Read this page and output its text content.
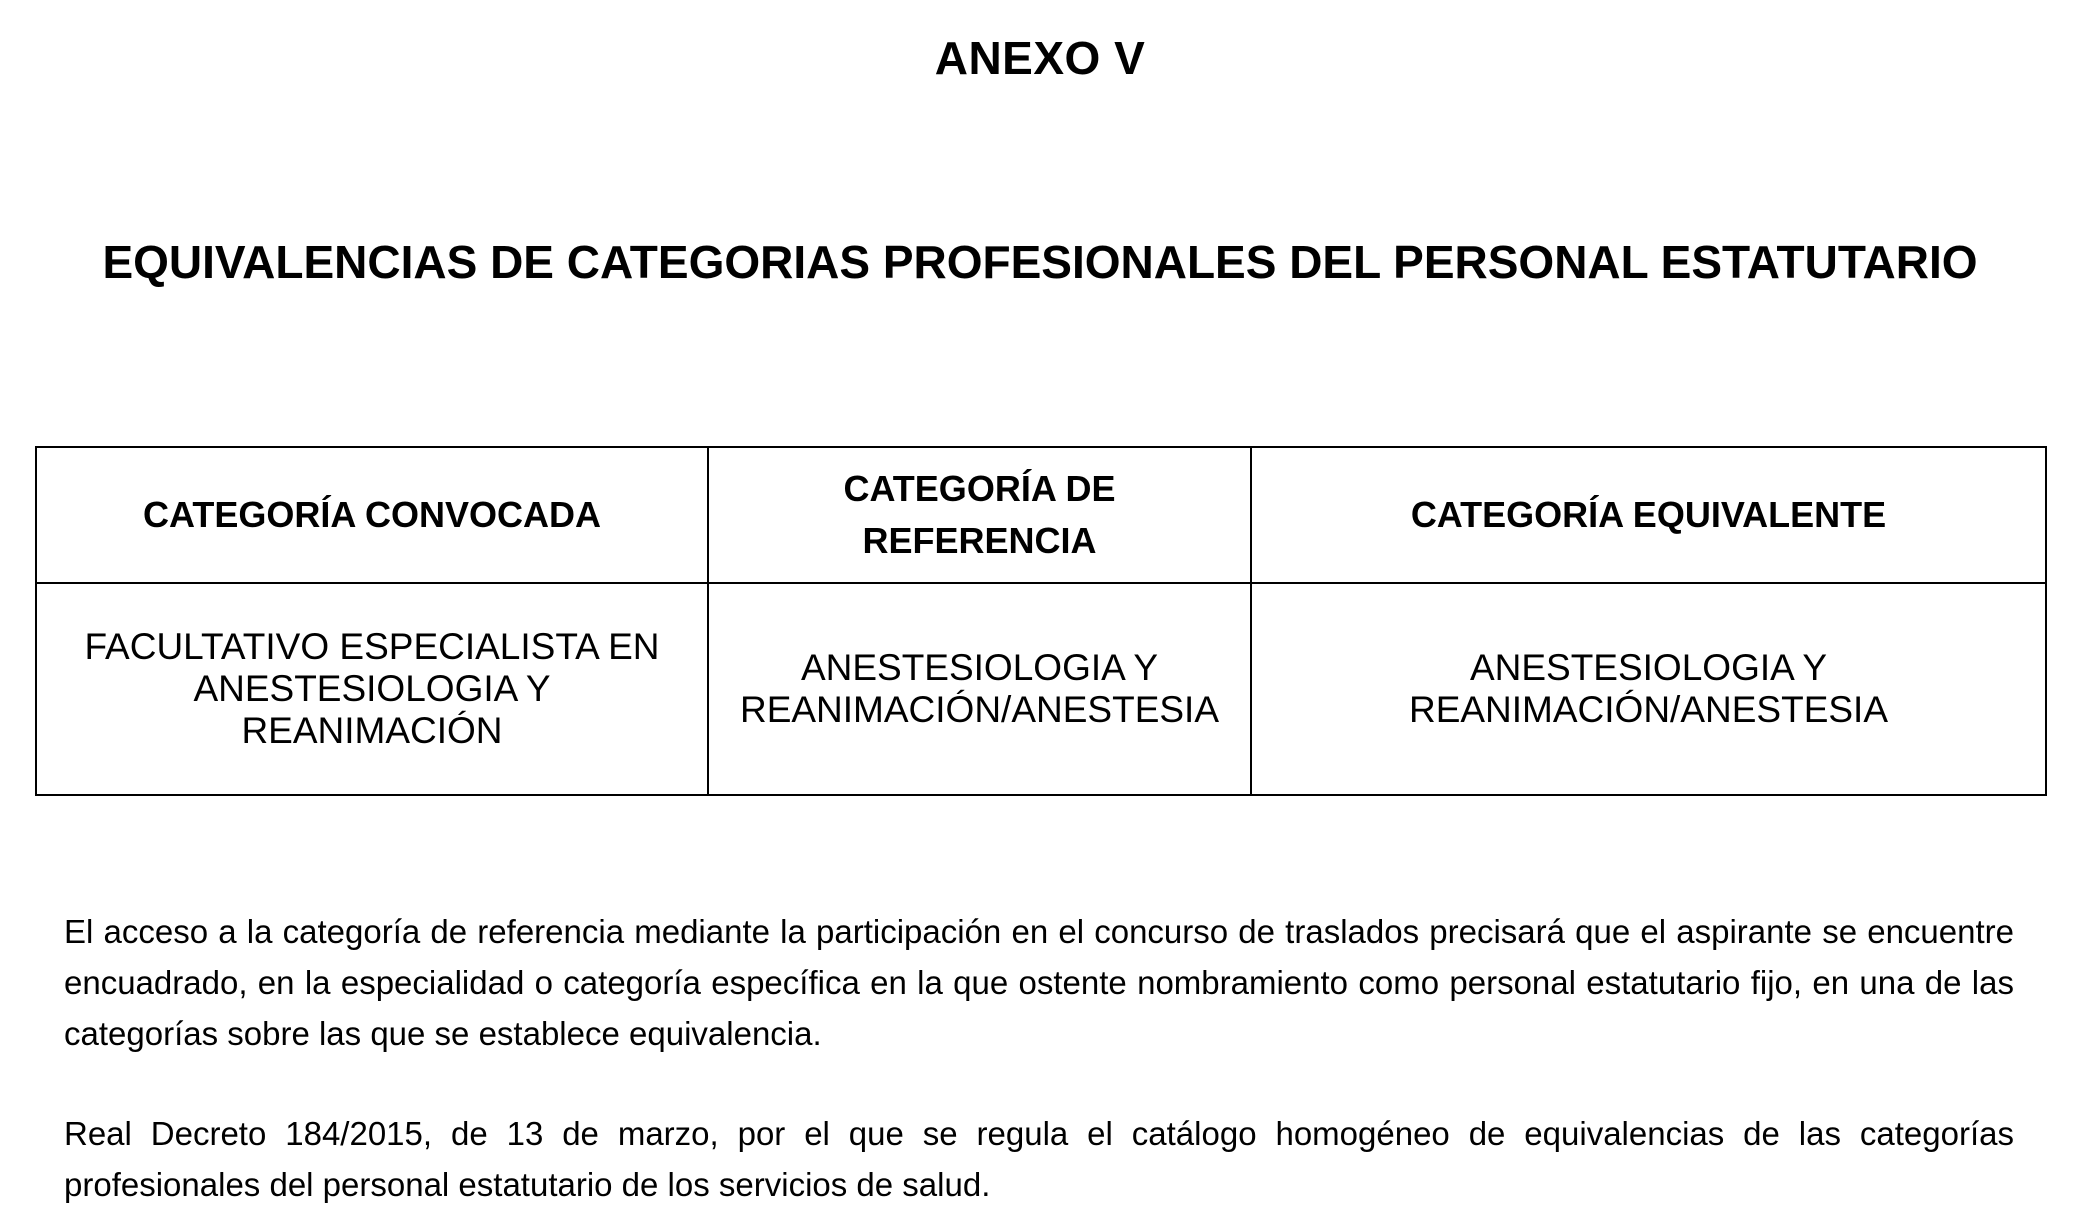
ANEXO V
EQUIVALENCIAS DE CATEGORIAS PROFESIONALES DEL PERSONAL ESTATUTARIO
CATEGORÍA CONVOCADA	CATEGORÍA DE REFERENCIA	CATEGORÍA EQUIVALENTE
FACULTATIVO ESPECIALISTA EN ANESTESIOLOGIA Y REANIMACIÓN	ANESTESIOLOGIA Y REANIMACIÓN/ANESTESIA	ANESTESIOLOGIA Y REANIMACIÓN/ANESTESIA
El acceso a la categoría de referencia mediante la participación en el concurso de traslados precisará que el aspirante se encuentre encuadrado, en la especialidad o categoría específica en la que ostente nombramiento como personal estatutario fijo, en una de las categorías sobre las que se establece equivalencia.
Real Decreto 184/2015, de 13 de marzo, por el que se regula el catálogo homogéneo de equivalencias de las categorías profesionales del personal estatutario de los servicios de salud.
